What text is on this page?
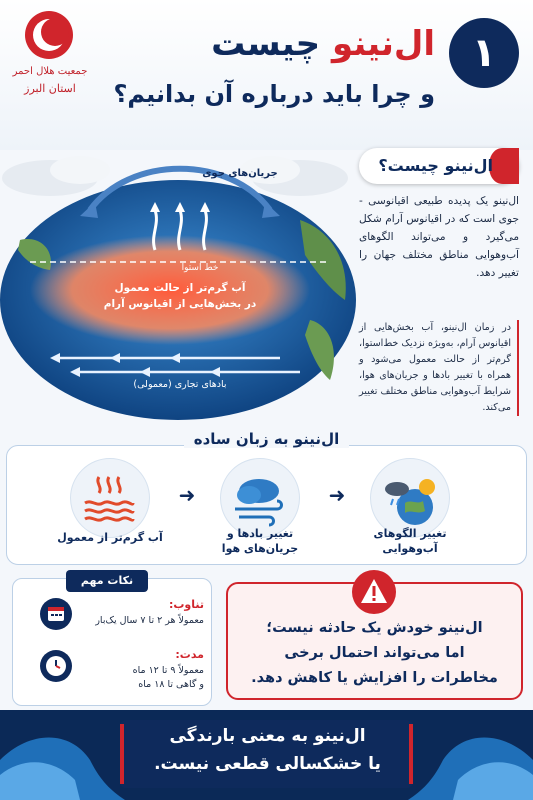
جمعیت هلال احمر
استان البرز
۱
ال‌نینو چیست
و چرا باید درباره آن بدانیم؟
جریان‌های جوی
خط استوا
آب گرم‌تر از حالت معمول
در بخش‌هایی از اقیانوس آرام
بادهای تجاری (معمولی)
ال‌نینو چیست؟
ال‌نینو یک پدیده طبیعی اقیانوسی - جوی است که در اقیانوس آرام شکل می‌گیرد و می‌تواند الگوهای آب‌وهوایی مناطق مختلف جهان را تغییر دهد.
در زمان ال‌نینو، آب بخش‌هایی از اقیانوس آرام، به‌ویژه نزدیک خط‌استوا، گرم‌تر از حالت معمول می‌شود و همراه با تغییر بادها و جریان‌های هوا، شرایط آب‌وهوایی مناطق مختلف تغییر می‌کند.
ال‌نینو به زبان ساده
تغییر الگوهای آب‌وهوایی
➜
تغییر بادها و جریان‌های هوا
➜
آب گرم‌تر از معمول
نکات مهم
تناوب:
معمولاً هر ۲ تا ۷ سال یک‌بار
مدت:
معمولاً ۹ تا ۱۲ ماه
و گاهی تا ۱۸ ماه
ال‌نینو خودش یک حادثه نیست؛
اما می‌تواند احتمال برخی
مخاطرات را افزایش یا کاهش دهد.
ال‌نینو به معنی بارندگی
یا خشکسالی قطعی نیست.
